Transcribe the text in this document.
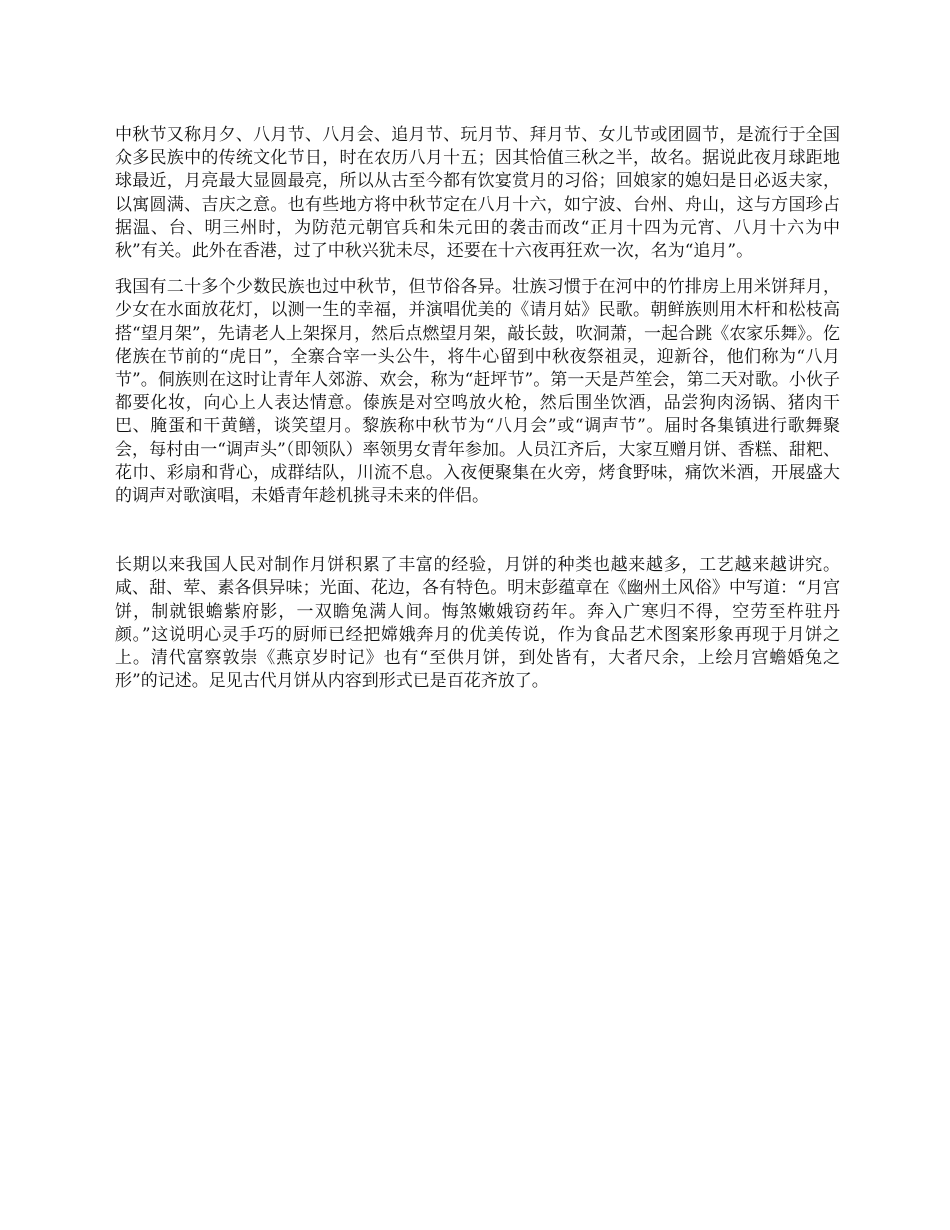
中秋节又称月夕、八月节、八月会、追月节、玩月节、拜月节、女儿节或团圆节，是流行于全国众多民族中的传统文化节日，时在农历八月十五；因其恰值三秋之半，故名。据说此夜月球距地球最近，月亮最大显圆最亮，所以从古至今都有饮宴赏月的习俗；回娘家的媳妇是日必返夫家，以寓圆满、吉庆之意。也有些地方将中秋节定在八月十六，如宁波、台州、舟山，这与方国珍占据温、台、明三州时，为防范元朝官兵和朱元田的袭击而改“正月十四为元宵、八月十六为中秋”有关。此外在香港，过了中秋兴犹未尽，还要在十六夜再狂欢一次，名为“追月”。

我国有二十多个少数民族也过中秋节，但节俗各异。壮族习惯于在河中的竹排房上用米饼拜月，少女在水面放花灯，以测一生的幸福，并演唱优美的《请月姑》民歌。朝鲜族则用木杆和松枝高搭“望月架”，先请老人上架探月，然后点燃望月架，敲长鼓，吹洞萧，一起合跳《农家乐舞》。仡佬族在节前的“虎日”，全寨合宰一头公牛，将牛心留到中秋夜祭祖灵，迎新谷，他们称为“八月节”。侗族则在这时让青年人郊游、欢会，称为“赶坪节”。第一天是芦笙会，第二天对歌。小伙子都要化妆，向心上人表达情意。傣族是对空鸣放火枪，然后围坐饮酒，品尝狗肉汤锅、猪肉干巴、腌蛋和干黄鳝，谈笑望月。黎族称中秋节为“八月会”或“调声节”。届时各集镇进行歌舞聚会，每村由一“调声头”（即领队）率领男女青年参加。人员江齐后，大家互赠月饼、香糕、甜粑、花巾、彩扇和背心，成群结队，川流不息。入夜便聚集在火旁，烤食野味，痛饮米酒，开展盛大的调声对歌演唱，未婚青年趁机挑寻未来的伴侣。

长期以来我国人民对制作月饼积累了丰富的经验，月饼的种类也越来越多，工艺越来越讲究。咸、甜、荤、素各俱异味；光面、花边，各有特色。明末彭蕴章在《幽州土风俗》中写道：“月宫饼，制就银蟾紫府影，一双瞻兔满人间。悔煞嫩娥窃药年。奔入广寒归不得，空劳至杵驻丹颜。”这说明心灵手巧的厨师已经把嫦娥奔月的优美传说，作为食品艺术图案形象再现于月饼之上。清代富察敦崇《燕京岁时记》也有“至供月饼，到处皆有，大者尺余，上绘月宫蟾婚兔之形”的记述。足见古代月饼从内容到形式已是百花齐放了。
